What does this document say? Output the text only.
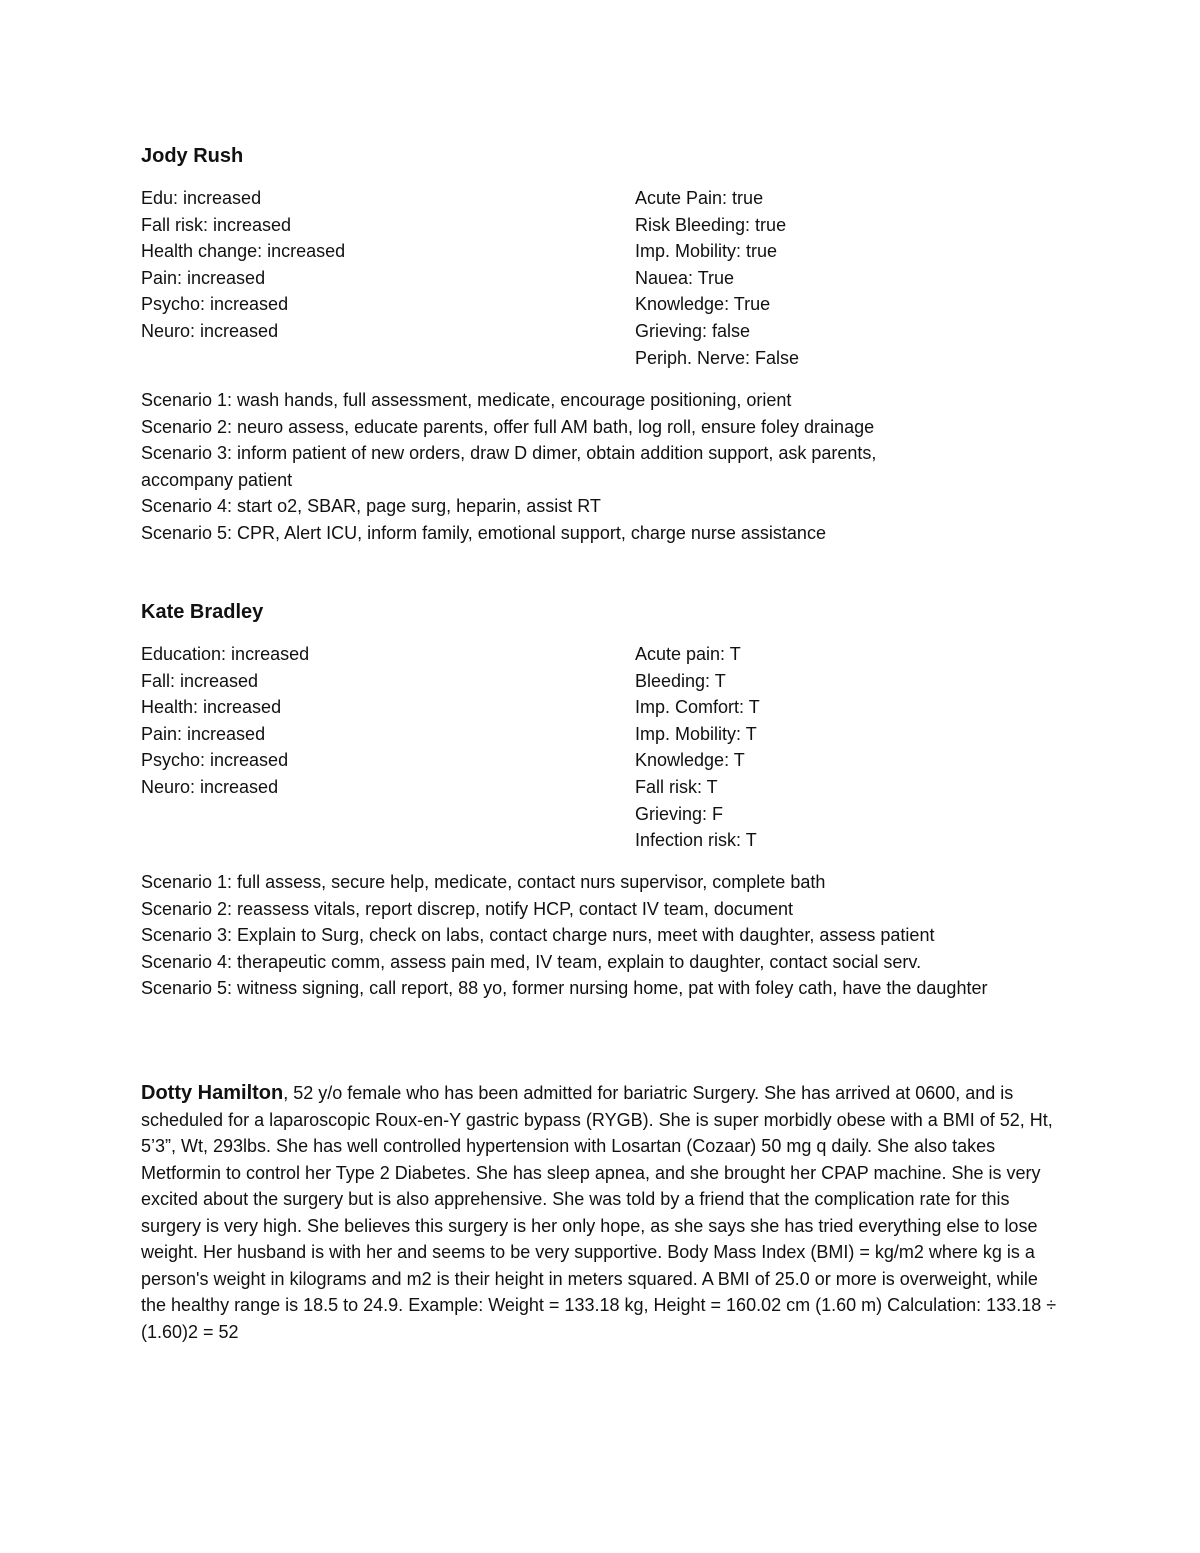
Jody Rush
Edu: increased
Fall risk: increased
Health change: increased
Pain: increased
Psycho: increased
Neuro: increased
Acute Pain: true
Risk Bleeding: true
Imp. Mobility: true
Nauea: True
Knowledge: True
Grieving: false
Periph. Nerve: False
Scenario 1: wash hands, full assessment, medicate, encourage positioning, orient
Scenario 2: neuro assess, educate parents, offer full AM bath, log roll, ensure foley drainage
Scenario 3: inform patient of new orders, draw D dimer, obtain addition support, ask parents, accompany patient
Scenario 4: start o2, SBAR, page surg, heparin, assist RT
Scenario 5: CPR, Alert ICU, inform family, emotional support, charge nurse assistance
Kate Bradley
Education: increased
Fall: increased
Health: increased
Pain: increased
Psycho: increased
Neuro: increased
Acute pain: T
Bleeding: T
Imp. Comfort: T
Imp. Mobility: T
Knowledge: T
Fall risk: T
Grieving: F
Infection risk: T
Scenario 1: full assess, secure help, medicate, contact nurs supervisor, complete bath
Scenario 2: reassess vitals, report discrep, notify HCP, contact IV team, document
Scenario 3: Explain to Surg, check on labs, contact charge nurs, meet with daughter, assess patient
Scenario 4: therapeutic comm, assess pain med, IV team, explain to daughter, contact social serv.
Scenario 5: witness signing, call report, 88 yo, former nursing home, pat with foley cath, have the daughter

Dotty Hamilton, 52 y/o female who has been admitted for bariatric Surgery. She has arrived at 0600, and is scheduled for a laparoscopic Roux-en-Y gastric bypass (RYGB). She is super morbidly obese with a BMI of 52, Ht, 5’3”, Wt, 293lbs. She has well controlled hypertension with Losartan (Cozaar) 50 mg q daily. She also takes Metformin to control her Type 2 Diabetes. She has sleep apnea, and she brought her CPAP machine. She is very excited about the surgery but is also apprehensive. She was told by a friend that the complication rate for this surgery is very high. She believes this surgery is her only hope, as she says she has tried everything else to lose weight. Her husband is with her and seems to be very supportive. Body Mass Index (BMI) = kg/m2 where kg is a person's weight in kilograms and m2 is their height in meters squared. A BMI of 25.0 or more is overweight, while the healthy range is 18.5 to 24.9. Example: Weight = 133.18 kg, Height = 160.02 cm (1.60 m) Calculation: 133.18 ÷ (1.60)2 = 52
